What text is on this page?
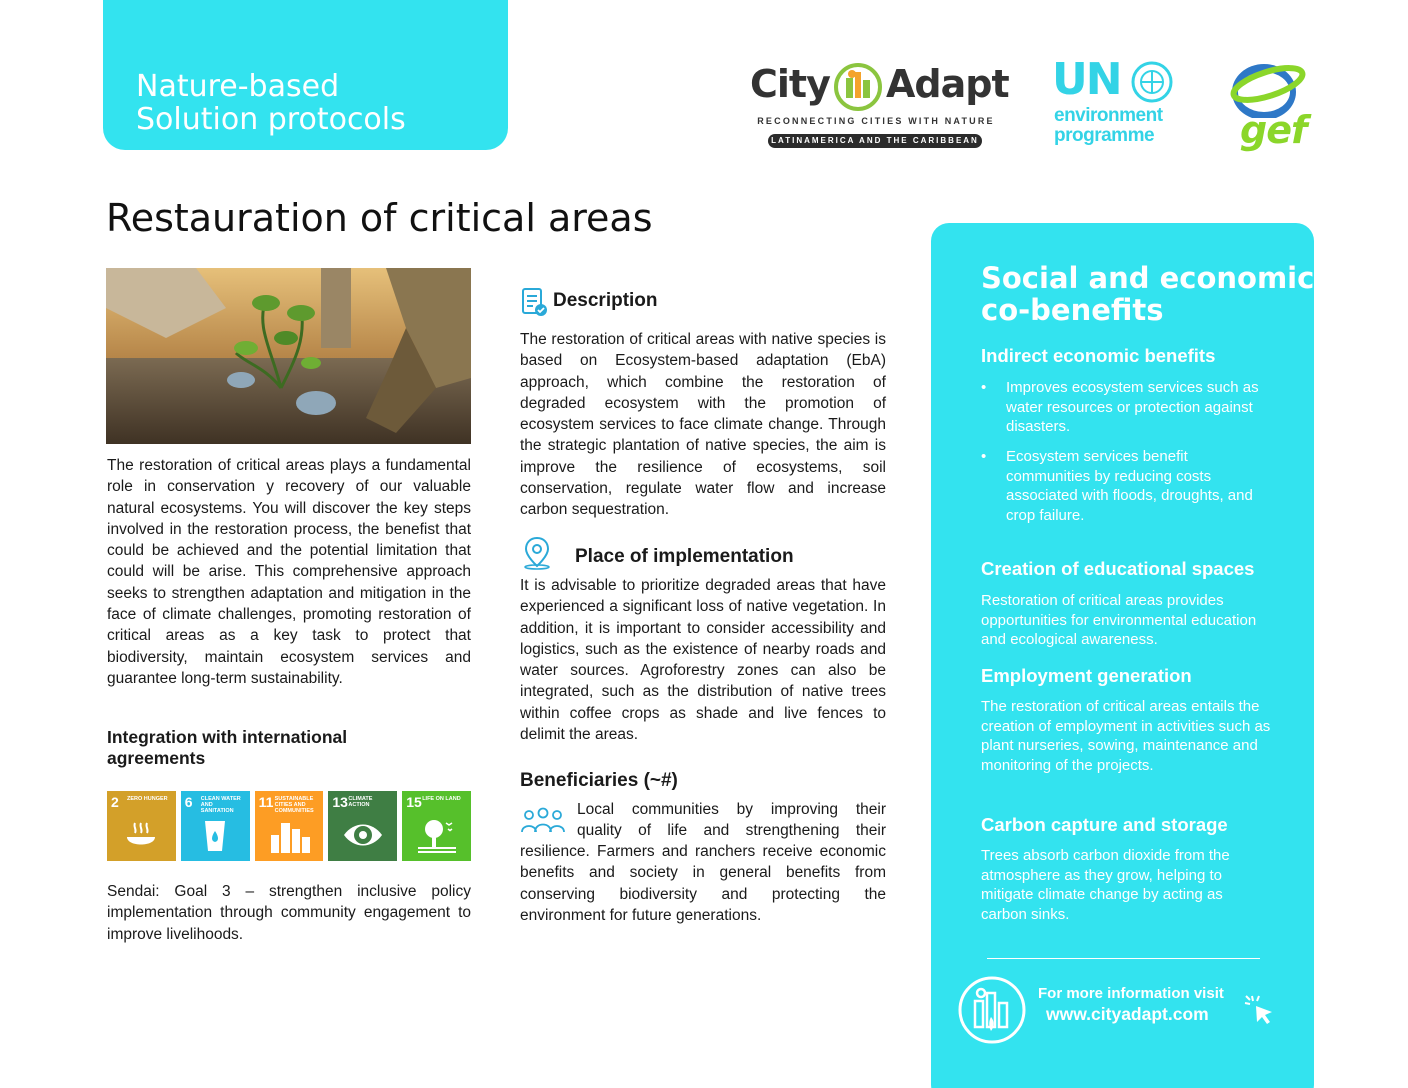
Nature-based
Solution protocols
City Adapt
RECONNECTING CITIES WITH NATURE
LATINAMERICA AND THE CARIBBEAN
UN
environment
programme gef
Restauration of critical areas

The restoration of critical areas plays a fundamental role in conservation y recovery of our valuable natural ecosystems. You will discover the key steps involved in the restoration process, the benefist that could be achieved and the potential limitation that could will be arise. This comprehensive approach seeks to strengthen adaptation and mitigation in the face of climate challenges, promoting restoration of critical areas as a key task to protect that biodiversity, maintain ecosystem services and guarantee long-term sustainability.

Integration with international agreements
2 ZERO HUNGER	6 CLEAN WATER AND SANITATION
11 SUSTAINABLE CITIES AND COMMUNITIES
13 CLIMATE ACTION	15 LIFE ON LAND

Sendai: Goal 3 – strengthen inclusive policy implementation through community engagement to improve livelihoods.

Description

The restoration of critical areas with native species is based on Ecosystem-based adaptation (EbA) approach, which combine the restoration of degraded ecosystem with the promotion of ecosystem services to face climate change. Through the strategic plantation of native species, the aim is improve the resilience of ecosystems, soil conservation, regulate water flow and increase carbon sequestration.

Place of implementation

It is advisable to prioritize degraded areas that have experienced a significant loss of native vegetation. In addition, it is important to consider accessibility and logistics, such as the existence of nearby roads and water sources. Agroforestry zones can also be integrated, such as the distribution of native trees within coffee crops as shade and live fences to delimit the areas.

Beneficiaries (~#)

Local communities by improving their

quality of life and strengthening their

resilience. Farmers and ranchers receive economic benefits and society in general benefits from conserving biodiversity and protecting the environment for future generations.

Social and economic
co-benefits
Indirect economic benefits
• Improves ecosystem services such as water resources or protection against disasters.
• Ecosystem services benefit communities by reducing costs associated with floods, droughts, and crop failure.
Creation of educational spaces

Restoration of critical areas provides opportunities for environmental education and ecological awareness.

Employment generation

The restoration of critical areas entails the creation of employment in activities such as plant nurseries, sowing, maintenance and monitoring of the projects.

Carbon capture and storage

Trees absorb carbon dioxide from the atmosphere as they grow, helping to mitigate climate change by acting as carbon sinks.

For more information visit
www.cityadapt.com
